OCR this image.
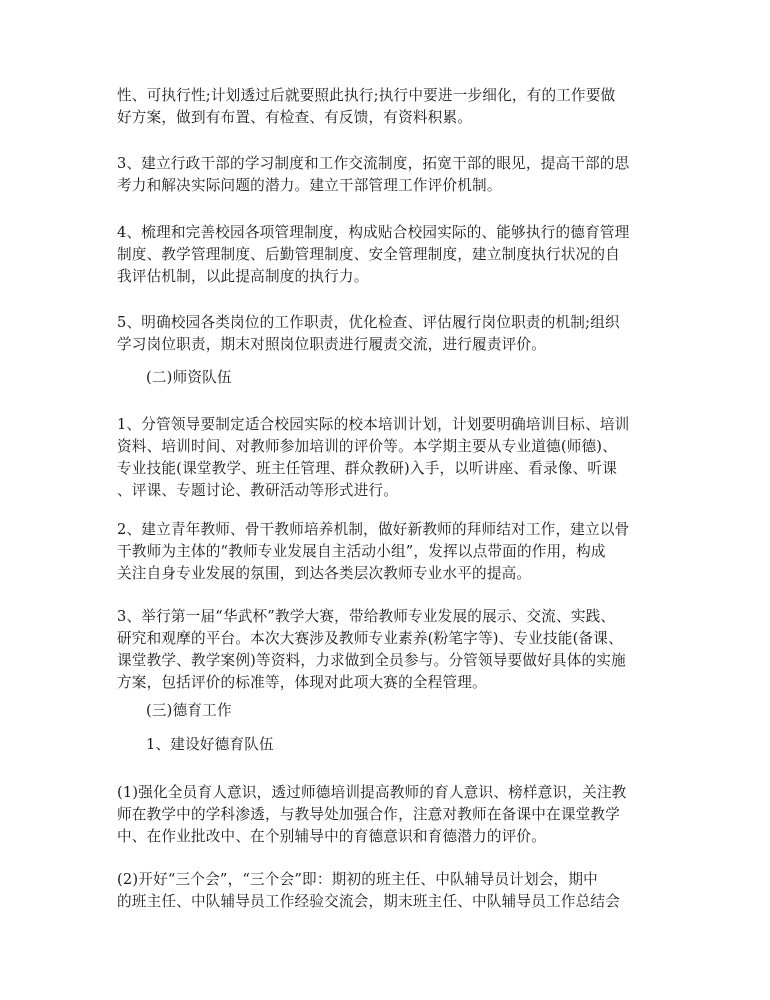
性、可执行性;计划透过后就要照此执行;执行中要进一步细化，有的工作要做
好方案，做到有布置、有检查、有反馈，有资料积累。

3、建立行政干部的学习制度和工作交流制度，拓宽干部的眼见，提高干部的思
考力和解决实际问题的潜力。建立干部管理工作评价机制。

4、梳理和完善校园各项管理制度，构成贴合校园实际的、能够执行的德育管理
制度、教学管理制度、后勤管理制度、安全管理制度，建立制度执行状况的自
我评估机制，以此提高制度的执行力。

5、明确校园各类岗位的工作职责，优化检查、评估履行岗位职责的机制;组织
学习岗位职责，期末对照岗位职责进行履责交流，进行履责评价。

(二)师资队伍

1、分管领导要制定适合校园实际的校本培训计划，计划要明确培训目标、培训
资料、培训时间、对教师参加培训的评价等。本学期主要从专业道德(师德)、
专业技能(课堂教学、班主任管理、群众教研)入手，以听讲座、看录像、听课
、评课、专题讨论、教研活动等形式进行。

2、建立青年教师、骨干教师培养机制，做好新教师的拜师结对工作，建立以骨
干教师为主体的“教师专业发展自主活动小组”，发挥以点带面的作用，构成
关注自身专业发展的氛围，到达各类层次教师专业水平的提高。

3、举行第一届“华武杯”教学大赛，带给教师专业发展的展示、交流、实践、
研究和观摩的平台。本次大赛涉及教师专业素养(粉笔字等)、专业技能(备课、
课堂教学、教学案例)等资料，力求做到全员参与。分管领导要做好具体的实施
方案，包括评价的标准等，体现对此项大赛的全程管理。

(三)德育工作

1、建设好德育队伍

(1)强化全员育人意识，透过师德培训提高教师的育人意识、榜样意识，关注教
师在教学中的学科渗透，与教导处加强合作，注意对教师在备课中在课堂教学
中、在作业批改中、在个别辅导中的育德意识和育德潜力的评价。

(2)开好“三个会”，“三个会”即：期初的班主任、中队辅导员计划会，期中
的班主任、中队辅导员工作经验交流会，期末班主任、中队辅导员工作总结会
